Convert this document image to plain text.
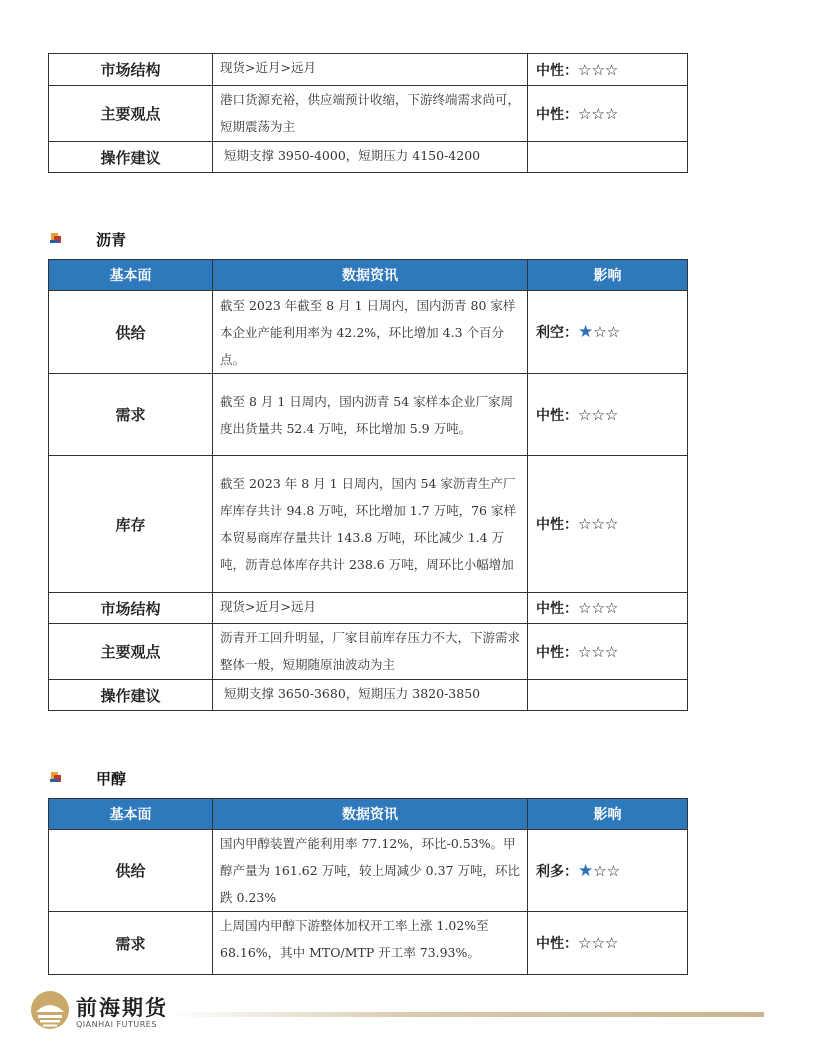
市场结构	现货>近月>远月	中性：☆☆☆
主要观点	港口货源充裕，供应端预计收缩，下游终端需求尚可，短期震荡为主	中性：☆☆☆
操作建议	短期支撑 3950-4000，短期压力 4150-4200	
沥青
基本面	数据资讯	影响
供给	截至 2023 年截至 8 月 1 日周内，国内沥青 80 家样本企业产能利用率为 42.2%，环比增加 4.3 个百分点。	利空：★☆☆
需求	截至 8 月 1 日周内，国内沥青 54 家样本企业厂家周度出货量共 52.4 万吨，环比增加 5.9 万吨。	中性：☆☆☆
库存	截至 2023 年 8 月 1 日周内，国内 54 家沥青生产厂库库存共计 94.8 万吨，环比增加 1.7 万吨，76 家样本贸易商库存量共计 143.8 万吨，环比减少 1.4 万吨，沥青总体库存共计 238.6 万吨，周环比小幅增加	中性：☆☆☆
市场结构	现货>近月>远月	中性：☆☆☆
主要观点	沥青开工回升明显，厂家目前库存压力不大，下游需求整体一般，短期随原油波动为主	中性：☆☆☆
操作建议	短期支撑 3650-3680，短期压力 3820-3850	
甲醇
基本面	数据资讯	影响
供给	国内甲醇装置产能利用率 77.12%，环比-0.53%。甲醇产量为 161.62 万吨，较上周减少 0.37 万吨，环比跌 0.23%	利多：★☆☆
需求	上周国内甲醇下游整体加权开工率上涨 1.02%至 68.16%，其中 MTO/MTP 开工率 73.93%。	中性：☆☆☆
前海期货
QIANHAI FUTURES
